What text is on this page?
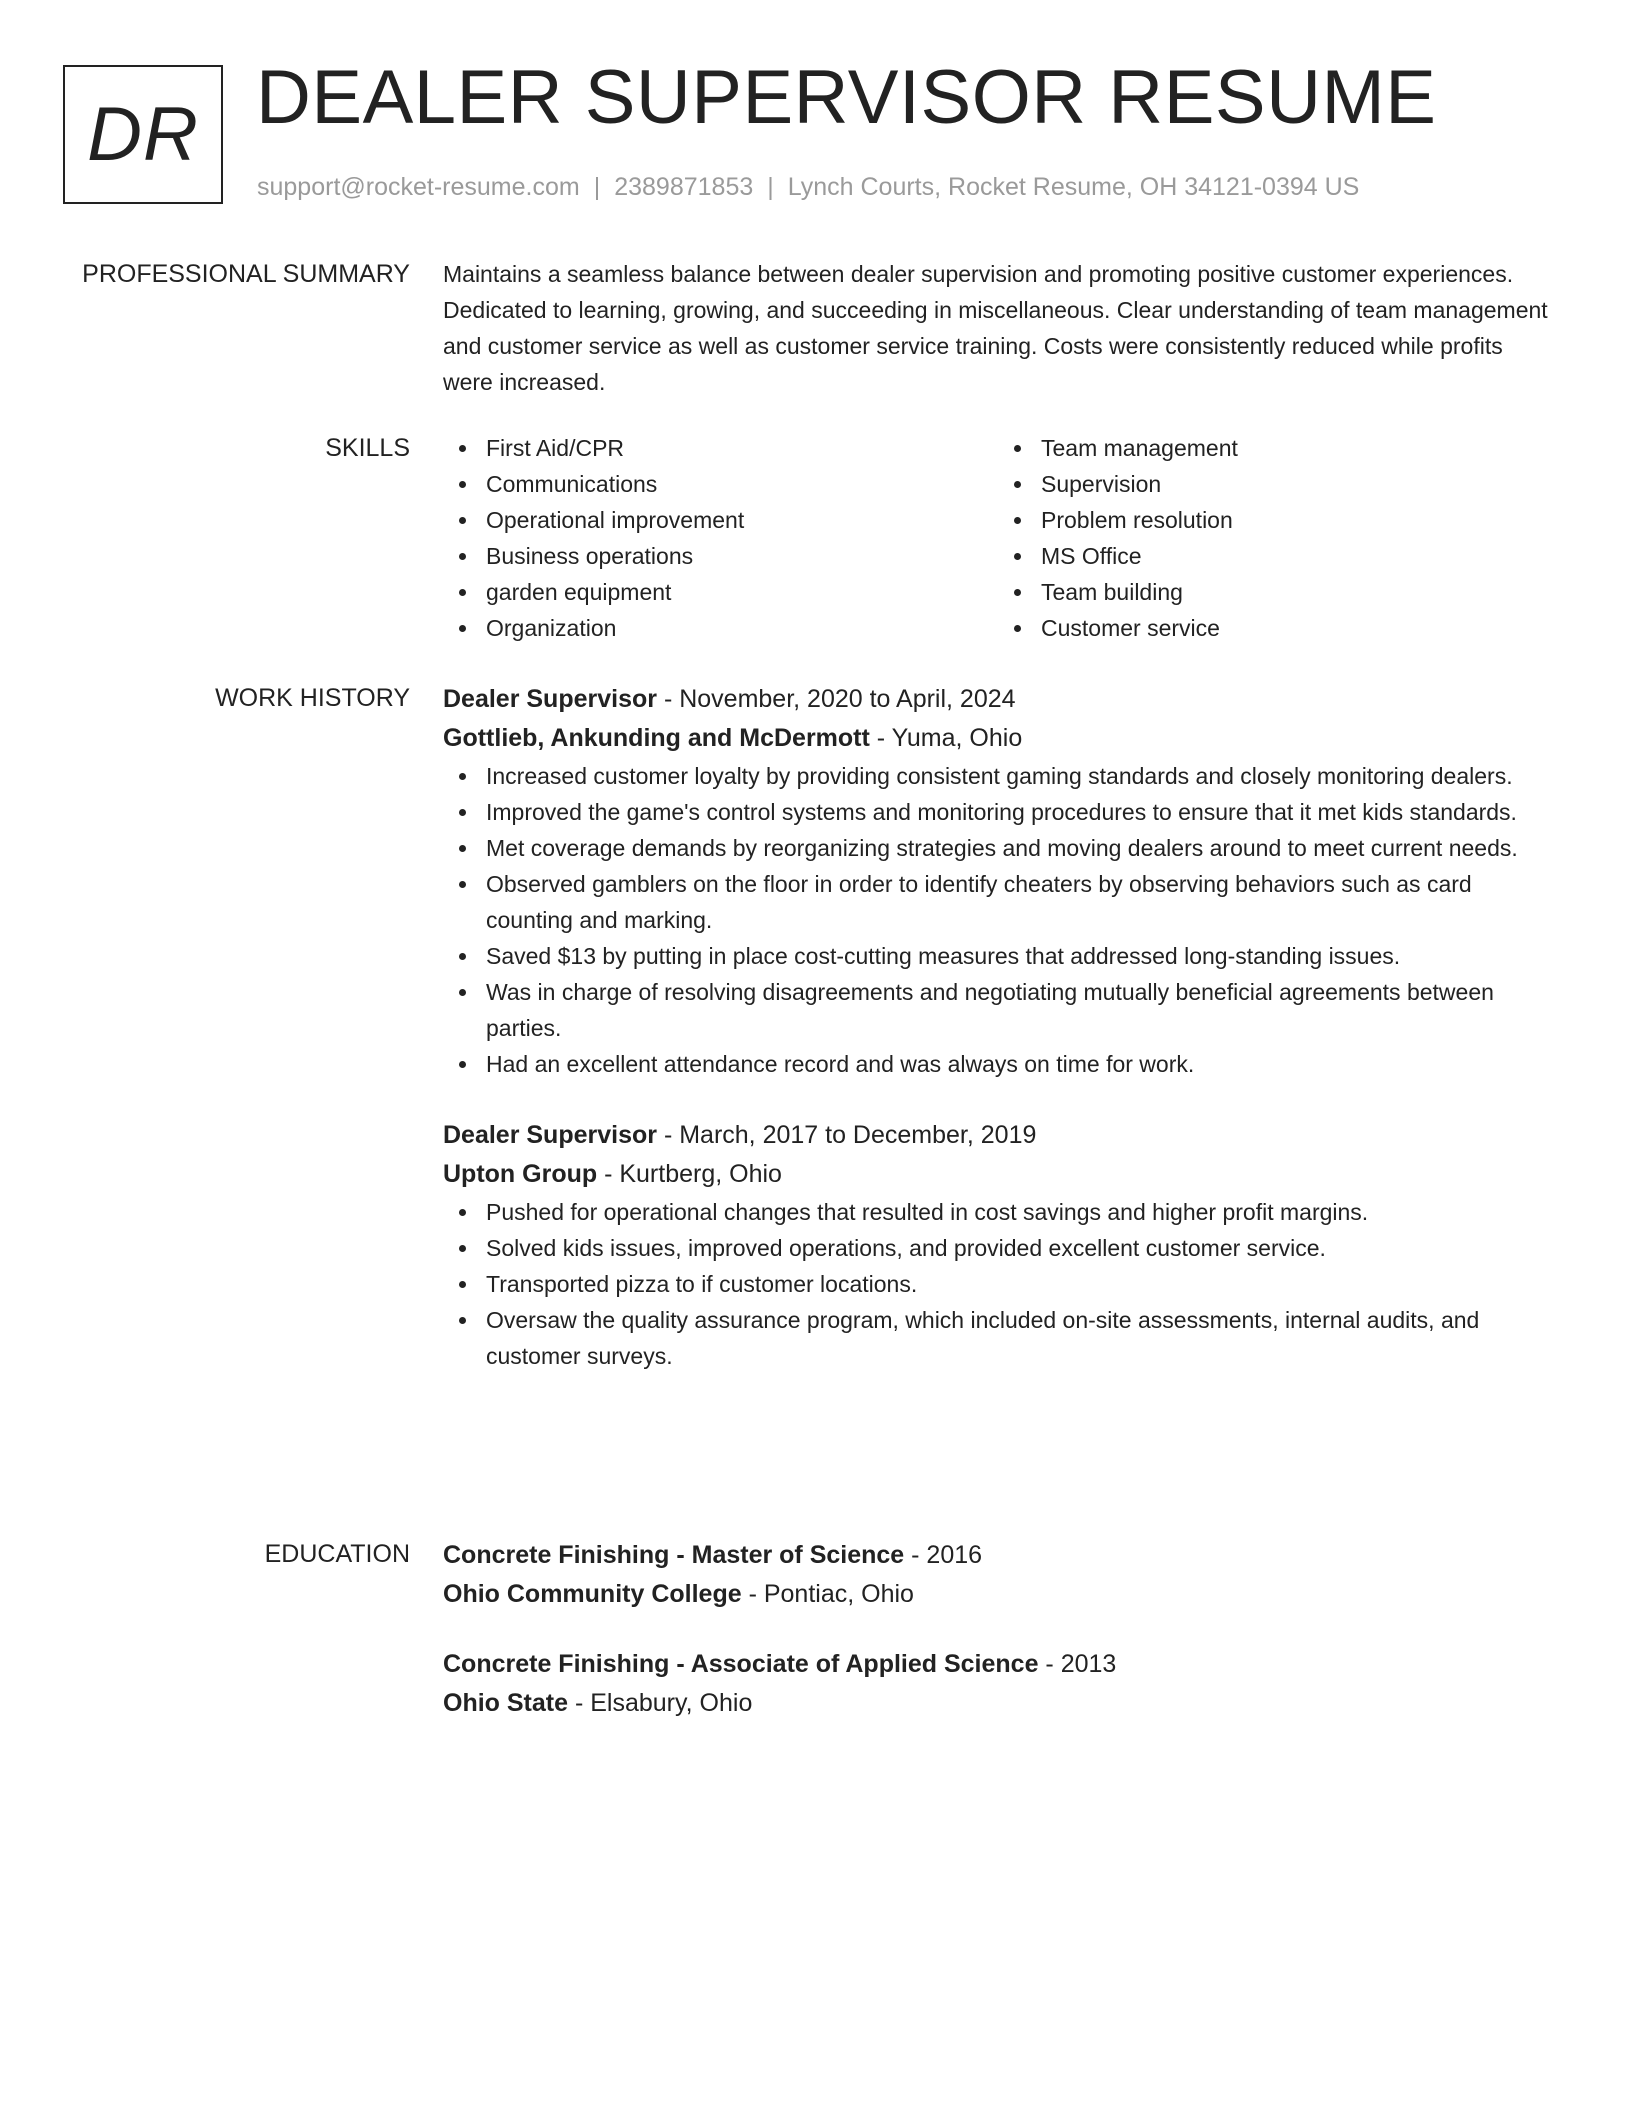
DR DEALER SUPERVISOR RESUME
support@rocket-resume.com | 2389871853 | Lynch Courts, Rocket Resume, OH 34121-0394 US
PROFESSIONAL SUMMARY Maintains a seamless balance between dealer supervision and promoting positive customer experiences. Dedicated to learning, growing, and succeeding in miscellaneous. Clear understanding of team management and customer service as well as customer service training. Costs were consistently reduced while profits were increased.

SKILLS	First Aid/CPR
Communications
Operational improvement
Business operations
garden equipment
Organization
Team management
Supervision
Problem resolution
MS Office
Team building
Customer service
WORK HISTORY Dealer Supervisor - November, 2020 to April, 2024
Gottlieb, Ankunding and McDermott - Yuma, Ohio
Increased customer loyalty by providing consistent gaming standards and closely monitoring dealers.
Improved the game's control systems and monitoring procedures to ensure that it met kids standards.
Met coverage demands by reorganizing strategies and moving dealers around to meet current needs.
Observed gamblers on the floor in order to identify cheaters by observing behaviors such as card counting and marking.
Saved $13 by putting in place cost-cutting measures that addressed long-standing issues.
Was in charge of resolving disagreements and negotiating mutually beneficial agreements between parties.
Had an excellent attendance record and was always on time for work.
Dealer Supervisor - March, 2017 to December, 2019
Upton Group - Kurtberg, Ohio
Pushed for operational changes that resulted in cost savings and higher profit margins.
Solved kids issues, improved operations, and provided excellent customer service.
Transported pizza to if customer locations.
Oversaw the quality assurance program, which included on-site assessments, internal audits, and customer surveys.
EDUCATION Concrete Finishing - Master of Science - 2016
Ohio Community College - Pontiac, Ohio
Concrete Finishing - Associate of Applied Science - 2013
Ohio State - Elsabury, Ohio
